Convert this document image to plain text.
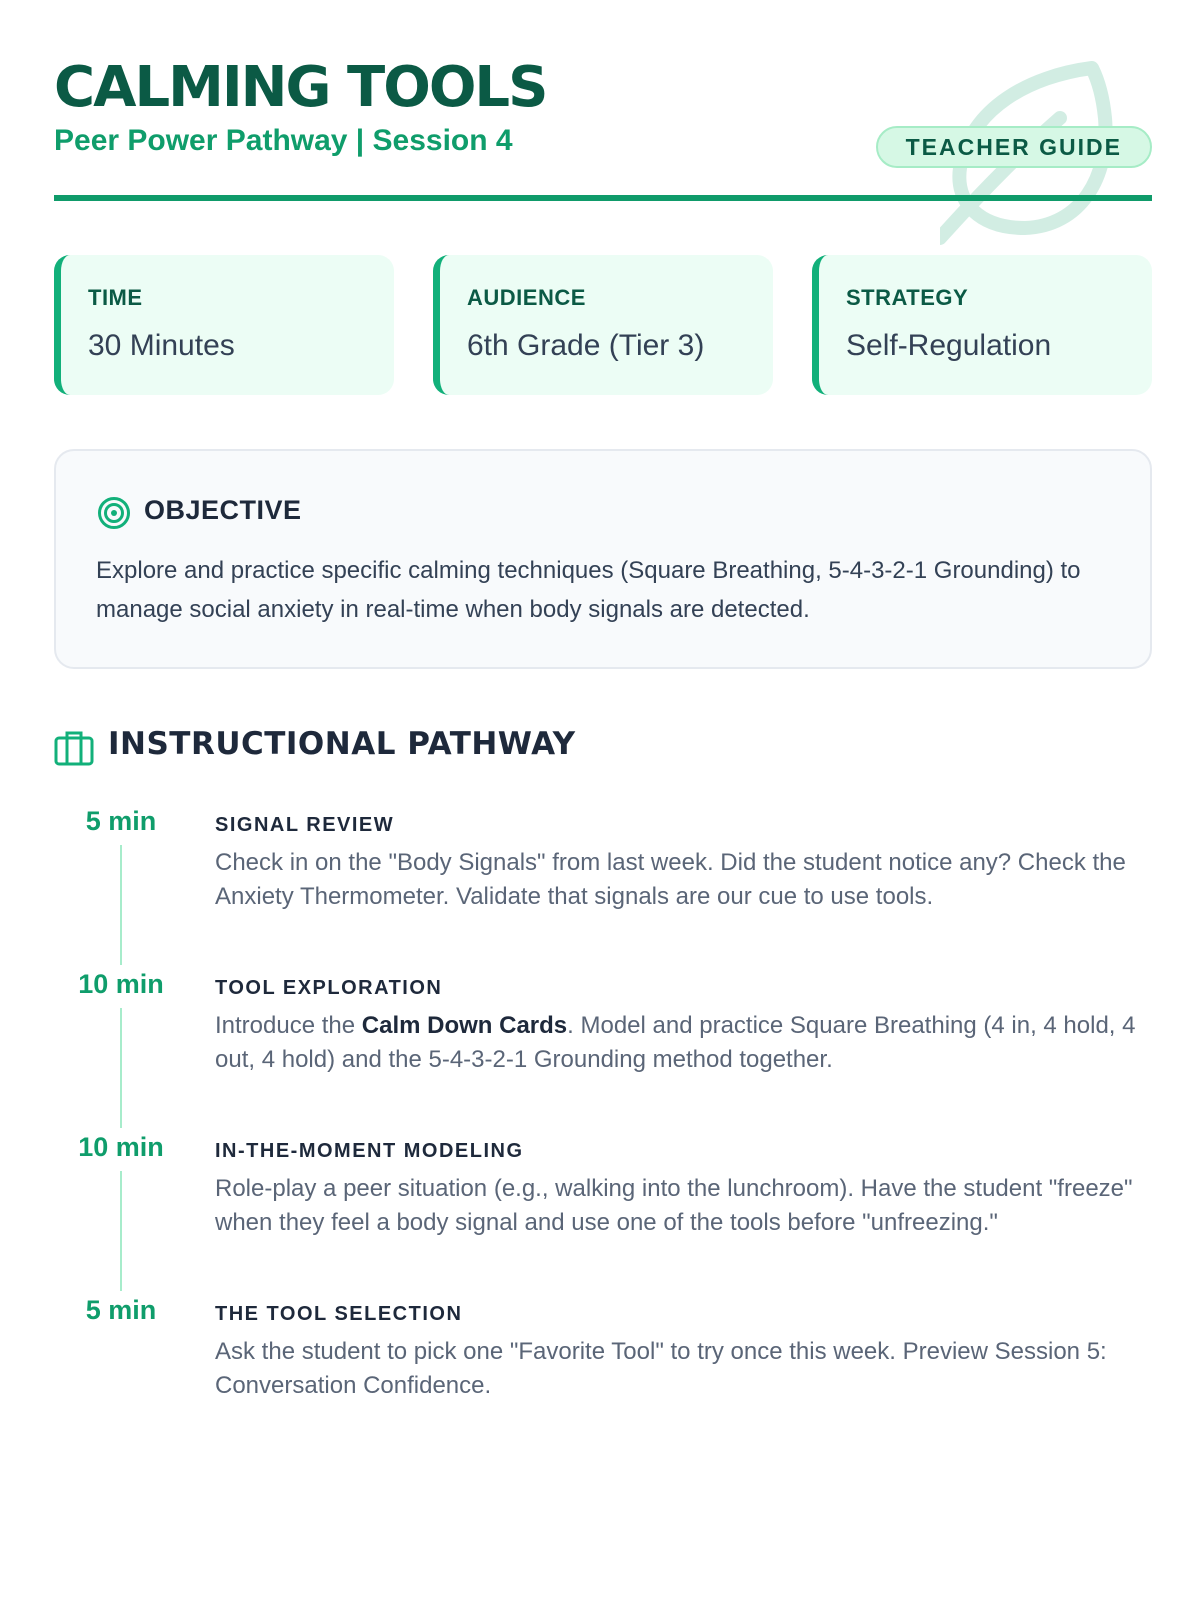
CALMING TOOLS
Peer Power Pathway | Session 4	TEACHER GUIDE
TIME
30 Minutes
AUDIENCE
6th Grade (Tier 3)
STRATEGY
Self-Regulation
OBJECTIVE
Explore and practice specific calming techniques (Square Breathing, 5-4-3-2-1 Grounding) to manage social anxiety in real-time when body signals are detected.
INSTRUCTIONAL PATHWAY
5 min	SIGNAL REVIEW
Check in on the "Body Signals" from last week. Did the student notice any? Check the Anxiety Thermometer. Validate that signals are our cue to use tools.
10 min	TOOL EXPLORATION
Introduce the Calm Down Cards. Model and practice Square Breathing (4 in, 4 hold, 4 out, 4 hold) and the 5-4-3-2-1 Grounding method together.
10 min	IN-THE-MOMENT MODELING
Role-play a peer situation (e.g., walking into the lunchroom). Have the student "freeze" when they feel a body signal and use one of the tools before "unfreezing."
5 min	THE TOOL SELECTION
Ask the student to pick one "Favorite Tool" to try once this week. Preview Session 5: Conversation Confidence.
